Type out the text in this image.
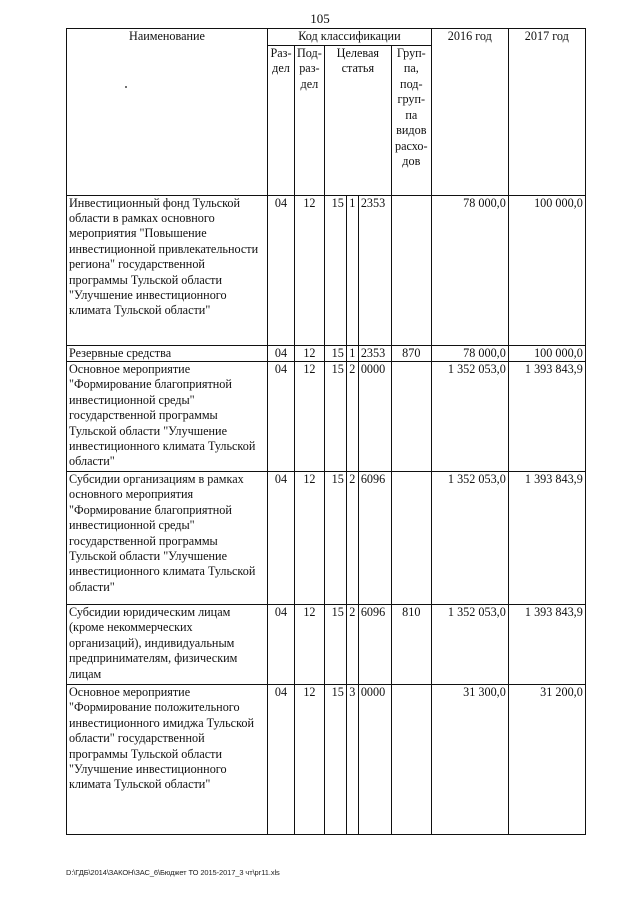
105
Наименование	Код классификации						2016 год	2017 год
	Раз- дел	Под- раз- дел	Целевая статья			Груп- па, под- груп- па видов расхо- дов		
Инвестиционный фонд Тульской области в рамках основного мероприятия "Повышение инвестиционной привлекательности региона" государственной программы Тульской области "Улучшение инвестиционного климата Тульской области"	04	12	15	1	2353		78 000,0	100 000,0
Резервные средства	04	12	15	1	2353	870	78 000,0	100 000,0
Основное мероприятие "Формирование благоприятной инвестиционной среды" государственной программы Тульской области "Улучшение инвестиционного климата Тульской области"	04	12	15	2	0000		1 352 053,0	1 393 843,9
Субсидии организациям в рамках основного мероприятия "Формирование благоприятной инвестиционной среды" государственной программы Тульской области "Улучшение инвестиционного климата Тульской области"	04	12	15	2	6096		1 352 053,0	1 393 843,9
Субсидии юридическим лицам (кроме некоммерческих организаций), индивидуальным предпринимателям, физическим лицам	04	12	15	2	6096	810	1 352 053,0	1 393 843,9
Основное мероприятие "Формирование положительного инвестиционного имиджа Тульской области" государственной программы Тульской области "Улучшение инвестиционного климата Тульской области"	04	12	15	3	0000		31 300,0	31 200,0
D:\ГДБ\2014\ЗАКОН\ЗАС_6\Бюджет ТО 2015-2017_3 чт\рг11.xls
